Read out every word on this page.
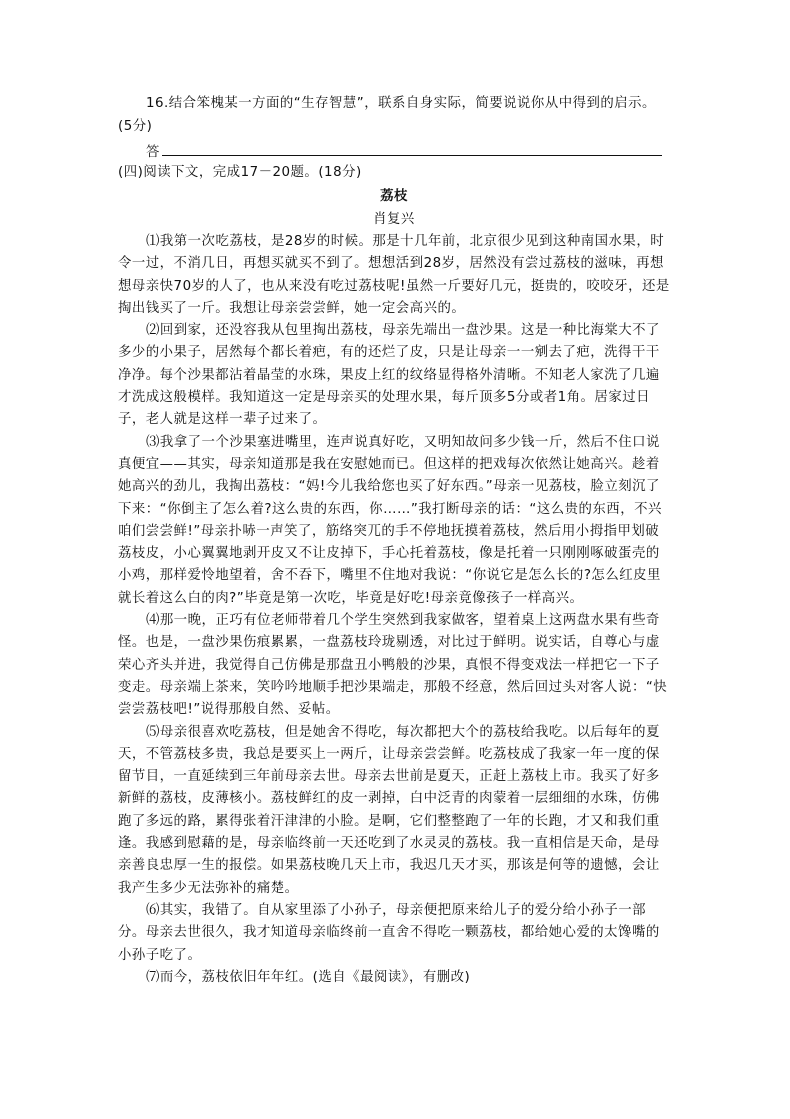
16.结合笨槐某一方面的“生存智慧”，联系自身实际，简要说说你从中得到的启示。
(5分)
答
(四)阅读下文，完成17－20题。(18分)
荔枝
肖复兴

⑴我第一次吃荔枝，是28岁的时候。那是十几年前，北京很少见到这种南国水果，时令一过，不消几日，再想买就买不到了。想想活到28岁，居然没有尝过荔枝的滋味，再想想母亲快70岁的人了，也从来没有吃过荔枝呢!虽然一斤要好几元，挺贵的，咬咬牙，还是掏出钱买了一斤。我想让母亲尝尝鲜，她一定会高兴的。

⑵回到家，还没容我从包里掏出荔枝，母亲先端出一盘沙果。这是一种比海棠大不了多少的小果子，居然每个都长着疤，有的还烂了皮，只是让母亲一一剜去了疤，洗得干干净净。每个沙果都沾着晶莹的水珠，果皮上红的纹络显得格外清晰。不知老人家洗了几遍才洗成这般模样。我知道这一定是母亲买的处理水果，每斤顶多5分或者1角。居家过日子，老人就是这样一辈子过来了。

⑶我拿了一个沙果塞进嘴里，连声说真好吃，又明知故问多少钱一斤，然后不住口说真便宜——其实，母亲知道那是我在安慰她而已。但这样的把戏每次依然让她高兴。趁着她高兴的劲儿，我掏出荔枝：“妈!今儿我给您也买了好东西。”母亲一见荔枝，脸立刻沉了下来：“你倒主了怎么着?这么贵的东西，你……”我打断母亲的话：“这么贵的东西，不兴咱们尝尝鲜!”母亲扑哧一声笑了，筋络突兀的手不停地抚摸着荔枝，然后用小拇指甲划破荔枝皮，小心翼翼地剥开皮又不让皮掉下，手心托着荔枝，像是托着一只刚刚啄破蛋壳的小鸡，那样爱怜地望着，舍不吞下，嘴里不住地对我说：“你说它是怎么长的?怎么红皮里就长着这么白的肉?”毕竟是第一次吃，毕竟是好吃!母亲竟像孩子一样高兴。

⑷那一晚，正巧有位老师带着几个学生突然到我家做客，望着桌上这两盘水果有些奇怪。也是，一盘沙果伤痕累累，一盘荔枝玲珑剔透，对比过于鲜明。说实话，自尊心与虚荣心齐头并进，我觉得自己仿佛是那盘丑小鸭般的沙果，真恨不得变戏法一样把它一下子变走。母亲端上茶来，笑吟吟地顺手把沙果端走，那般不经意，然后回过头对客人说：“快尝尝荔枝吧!”说得那般自然、妥帖。

⑸母亲很喜欢吃荔枝，但是她舍不得吃，每次都把大个的荔枝给我吃。以后每年的夏天，不管荔枝多贵，我总是要买上一两斤，让母亲尝尝鲜。吃荔枝成了我家一年一度的保留节目，一直延续到三年前母亲去世。母亲去世前是夏天，正赶上荔枝上市。我买了好多新鲜的荔枝，皮薄核小。荔枝鲜红的皮一剥掉，白中泛青的肉蒙着一层细细的水珠，仿佛跑了多远的路，累得张着汗津津的小脸。是啊，它们整整跑了一年的长跑，才又和我们重逢。我感到慰藉的是，母亲临终前一天还吃到了水灵灵的荔枝。我一直相信是天命，是母亲善良忠厚一生的报偿。如果荔枝晚几天上市，我迟几天才买，那该是何等的遗憾，会让我产生多少无法弥补的痛楚。

⑹其实，我错了。自从家里添了小孙子，母亲便把原来给儿子的爱分给小孙子一部分。母亲去世很久，我才知道母亲临终前一直舍不得吃一颗荔枝，都给她心爱的太馋嘴的小孙子吃了。

⑺而今，荔枝依旧年年红。(选自《最阅读》，有删改)
